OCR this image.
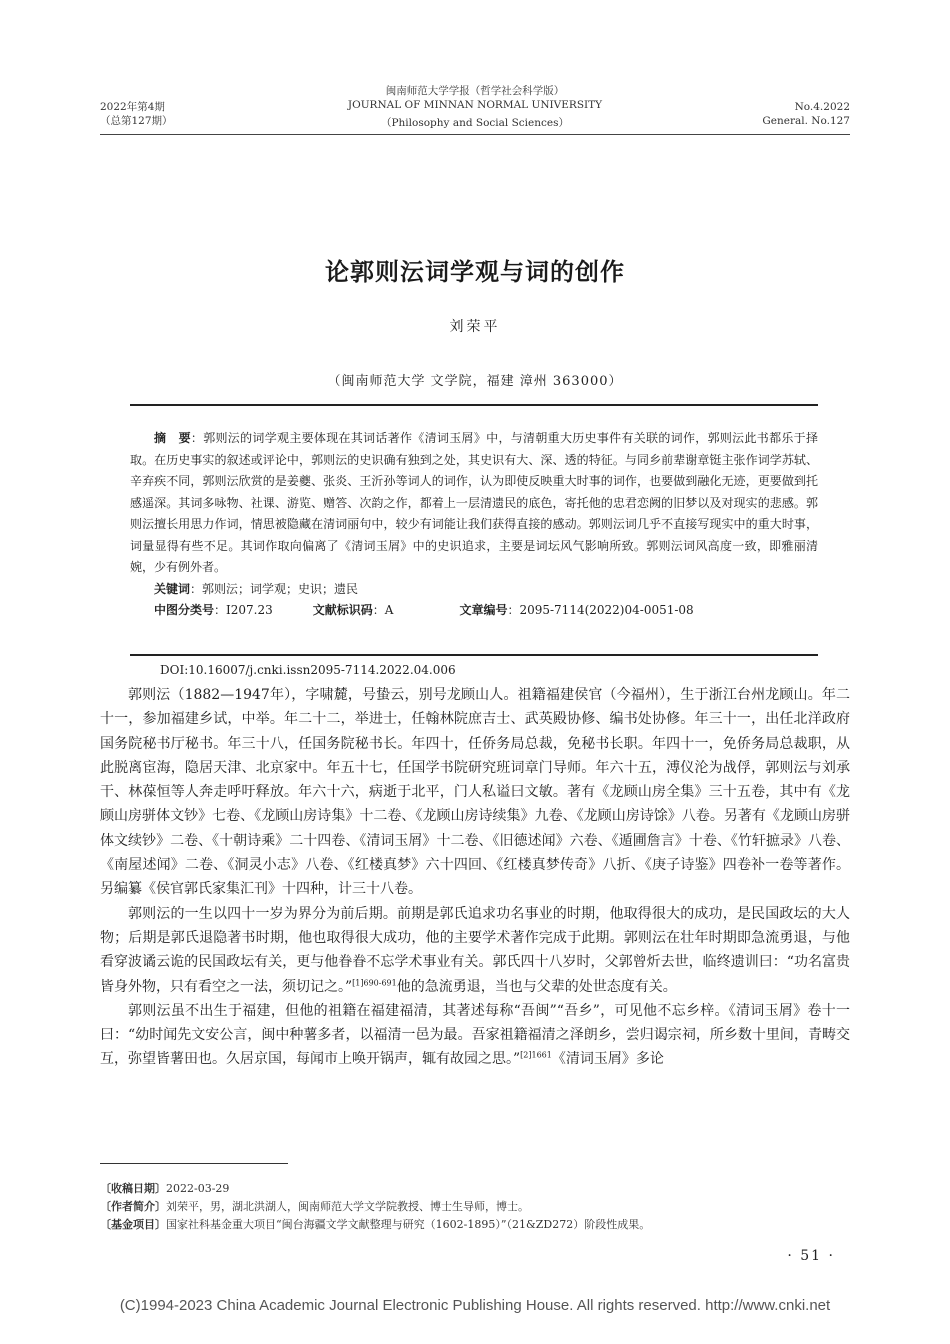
2022年第4期
（总第127期）
闽南师范大学学报（哲学社会科学版）
JOURNAL OF MINNAN NORMAL UNIVERSITY
（Philosophy and Social Sciences）
No.4.2022
General. No.127
论郭则沄词学观与词的创作
刘荣平
（闽南师范大学 文学院，福建 漳州 363000）

摘　要：郭则沄的词学观主要体现在其词话著作《清词玉屑》中，与清朝重大历史事件有关联的词作，郭则沄此书都乐于择取。在历史事实的叙述或评论中，郭则沄的史识确有独到之处，其史识有大、深、透的特征。与同乡前辈谢章铤主张作词学苏轼、辛弃疾不同，郭则沄欣赏的是姜夔、张炎、王沂孙等词人的词作，认为即使反映重大时事的词作，也要做到融化无迹，更要做到托感遥深。其词多咏物、社课、游览、赠答、次韵之作，都着上一层清遗民的底色，寄托他的忠君恋阙的旧梦以及对现实的悲感。郭则沄擅长用思力作词，情思被隐藏在清词丽句中，较少有词能让我们获得直接的感动。郭则沄词几乎不直接写现实中的重大时事，词量显得有些不足。其词作取向偏离了《清词玉屑》中的史识追求，主要是词坛风气影响所致。郭则沄词风高度一致，即雅丽清婉，少有例外者。

关键词：郭则沄；词学观；史识；遗民

中图分类号：I207.23	文献标识码：A	文章编号：2095-7114(2022)04-0051-08

DOI:10.16007/j.cnki.issn2095-7114.2022.04.006

郭则沄（1882—1947年），字啸麓，号蛰云，别号龙顾山人。祖籍福建侯官（今福州），生于浙江台州龙顾山。年二十一，参加福建乡试，中举。年二十二，举进士，任翰林院庶吉士、武英殿协修、编书处协修。年三十一，出任北洋政府国务院秘书厅秘书。年三十八，任国务院秘书长。年四十，任侨务局总裁，免秘书长职。年四十一，免侨务局总裁职，从此脱离宦海，隐居天津、北京家中。年五十七，任国学书院研究班词章门导师。年六十五，溥仪沦为战俘，郭则沄与刘承干、林葆恒等人奔走呼吁释放。年六十六，病逝于北平，门人私谥曰文敏。著有《龙顾山房全集》三十五卷，其中有《龙顾山房骈体文钞》七卷、《龙顾山房诗集》十二卷、《龙顾山房诗续集》九卷、《龙顾山房诗馀》八卷。另著有《龙顾山房骈体文续钞》二卷、《十朝诗乘》二十四卷、《清词玉屑》十二卷、《旧德述闻》六卷、《遁圃詹言》十卷、《竹轩摭录》八卷、《南屋述闻》二卷、《洞灵小志》八卷、《红楼真梦》六十四回、《红楼真梦传奇》八折、《庚子诗鉴》四卷补一卷等著作。另编纂《侯官郭氏家集汇刊》十四种，计三十八卷。

郭则沄的一生以四十一岁为界分为前后期。前期是郭氏追求功名事业的时期，他取得很大的成功，是民国政坛的大人物；后期是郭氏退隐著书时期，他也取得很大成功，他的主要学术著作完成于此期。郭则沄在壮年时期即急流勇退，与他看穿波谲云诡的民国政坛有关，更与他眷眷不忘学术事业有关。郭氏四十八岁时，父郭曾炘去世，临终遗训曰：“功名富贵皆身外物，只有看空之一法，须切记之。”$^{[1]690-691}$他的急流勇退，当也与父辈的处世态度有关。

郭则沄虽不出生于福建，但他的祖籍在福建福清，其著述每称“吾闽”“吾乡”，可见他不忘乡梓。《清词玉屑》卷十一曰：“幼时闻先文安公言，闽中种薯多者，以福清一邑为最。吾家祖籍福清之泽朗乡，尝归谒宗祠，所乡数十里间，青畴交互，弥望皆薯田也。久居京国，每闻市上唤开锅声，辄有故园之思。”$^{[2]1661}$《清词玉屑》多论

〔收稿日期〕2022-03-29

〔作者简介〕刘荣平，男，湖北洪湖人，闽南师范大学文学院教授、博士生导师，博士。

〔基金项目〕国家社科基金重大项目“闽台海疆文学文献整理与研究（1602-1895）”（21&ZD272）阶段性成果。

· 51 ·
(C)1994-2023 China Academic Journal Electronic Publishing House. All rights reserved. http://www.cnki.net
